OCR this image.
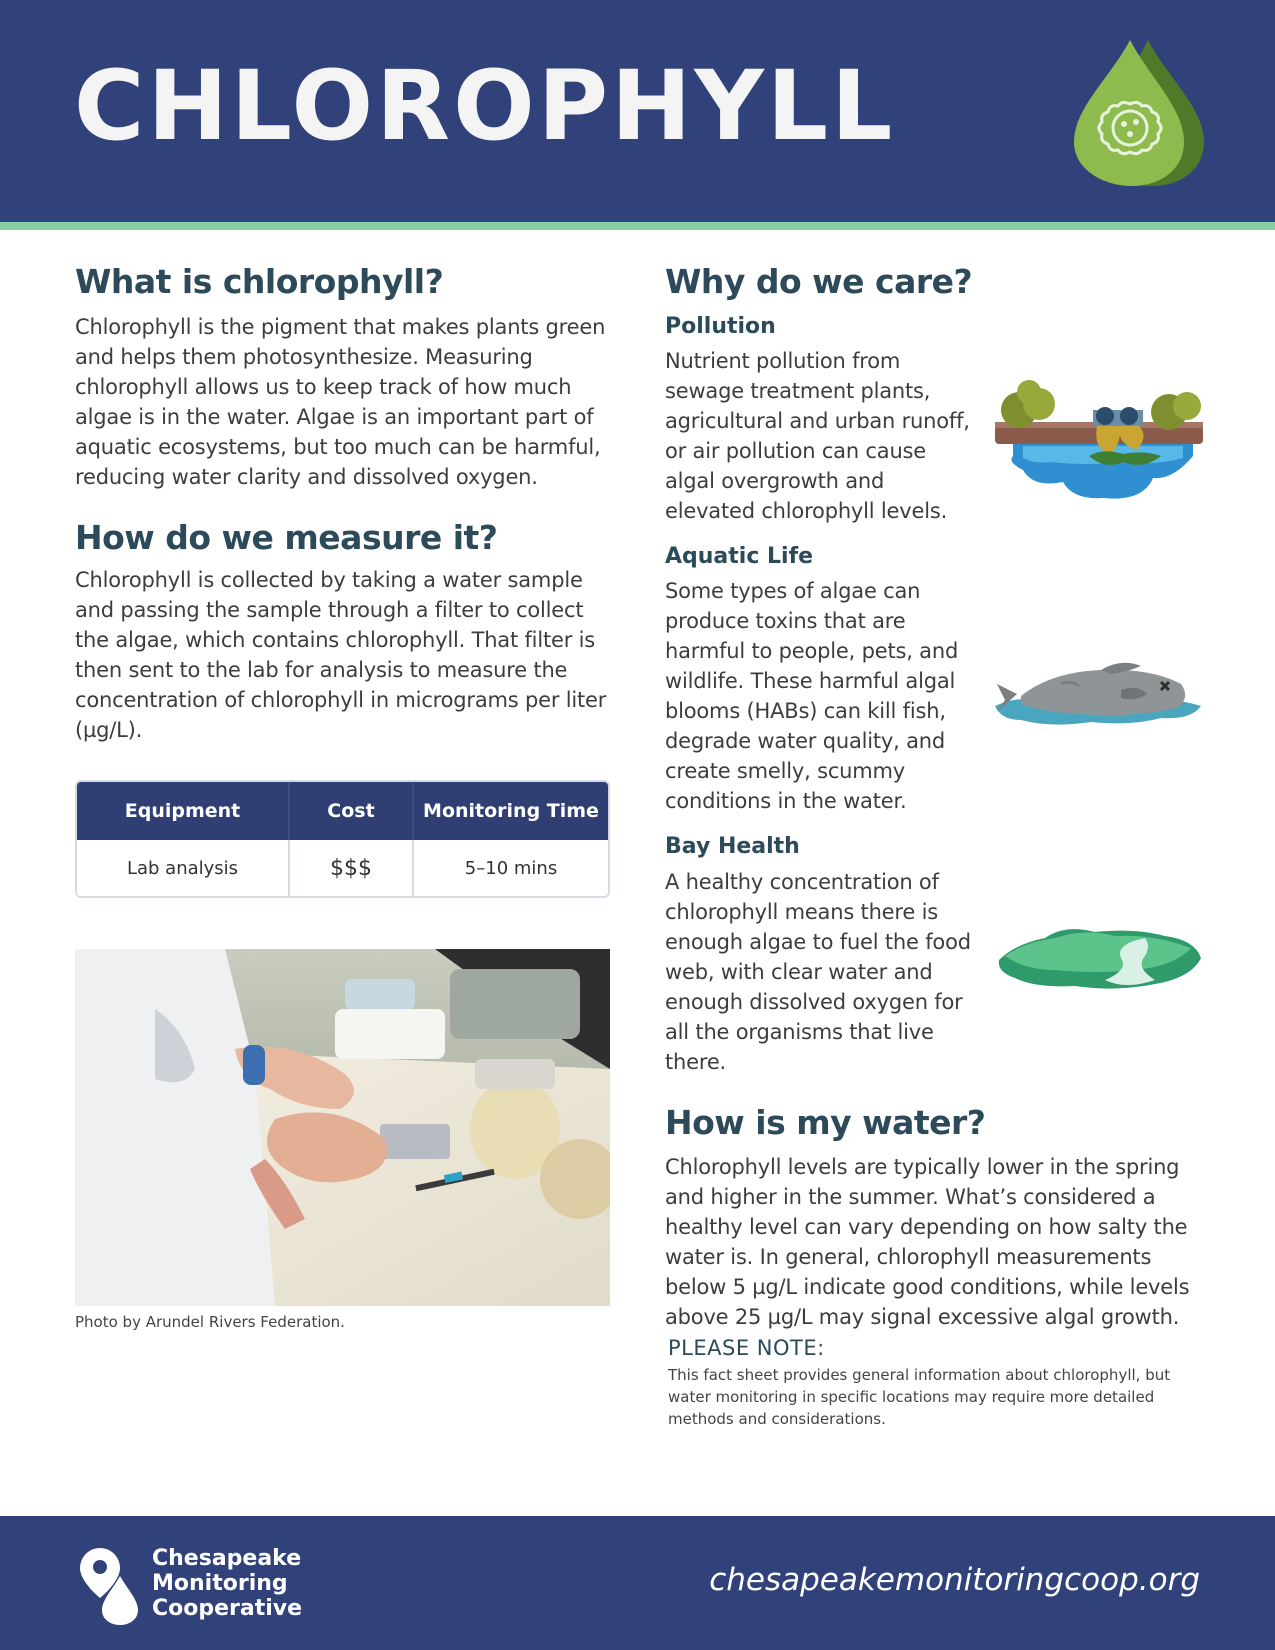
CHLOROPHYLL
What is chlorophyll?

Chlorophyll is the pigment that makes plants green and helps them photosynthesize. Measuring chlorophyll allows us to keep track of how much algae is in the water. Algae is an important part of aquatic ecosystems, but too much can be harmful, reducing water clarity and dissolved oxygen.

How do we measure it?

Chlorophyll is collected by taking a water sample and passing the sample through a filter to collect the algae, which contains chlorophyll. That filter is then sent to the lab for analysis to measure the concentration of chlorophyll in micrograms per liter (µg/L).

Equipment	Cost	Monitoring Time
Lab analysis	$$$	5–10 mins
Photo by Arundel Rivers Federation.
Why do we care?
Pollution

Nutrient pollution from sewage treatment plants, agricultural and urban runoff, or air pollution can cause algal overgrowth and elevated chlorophyll levels.

Aquatic Life

Some types of algae can produce toxins that are harmful to people, pets, and wildlife. These harmful algal blooms (HABs) can kill fish, degrade water quality, and create smelly, scummy conditions in the water.

Bay Health

A healthy concentration of chlorophyll means there is enough algae to fuel the food web, with clear water and enough dissolved oxygen for all the organisms that live there.

How is my water?

Chlorophyll levels are typically lower in the spring and higher in the summer. What’s considered a healthy level can vary depending on how salty the water is. In general, chlorophyll measurements below 5 µg/L indicate good conditions, while levels above 25 µg/L may signal excessive algal growth.

PLEASE NOTE:
This fact sheet provides general information about chlorophyll, but water monitoring in specific locations may require more detailed methods and considerations.
Chesapeake
Monitoring
Cooperative
chesapeakemonitoringcoop.org
